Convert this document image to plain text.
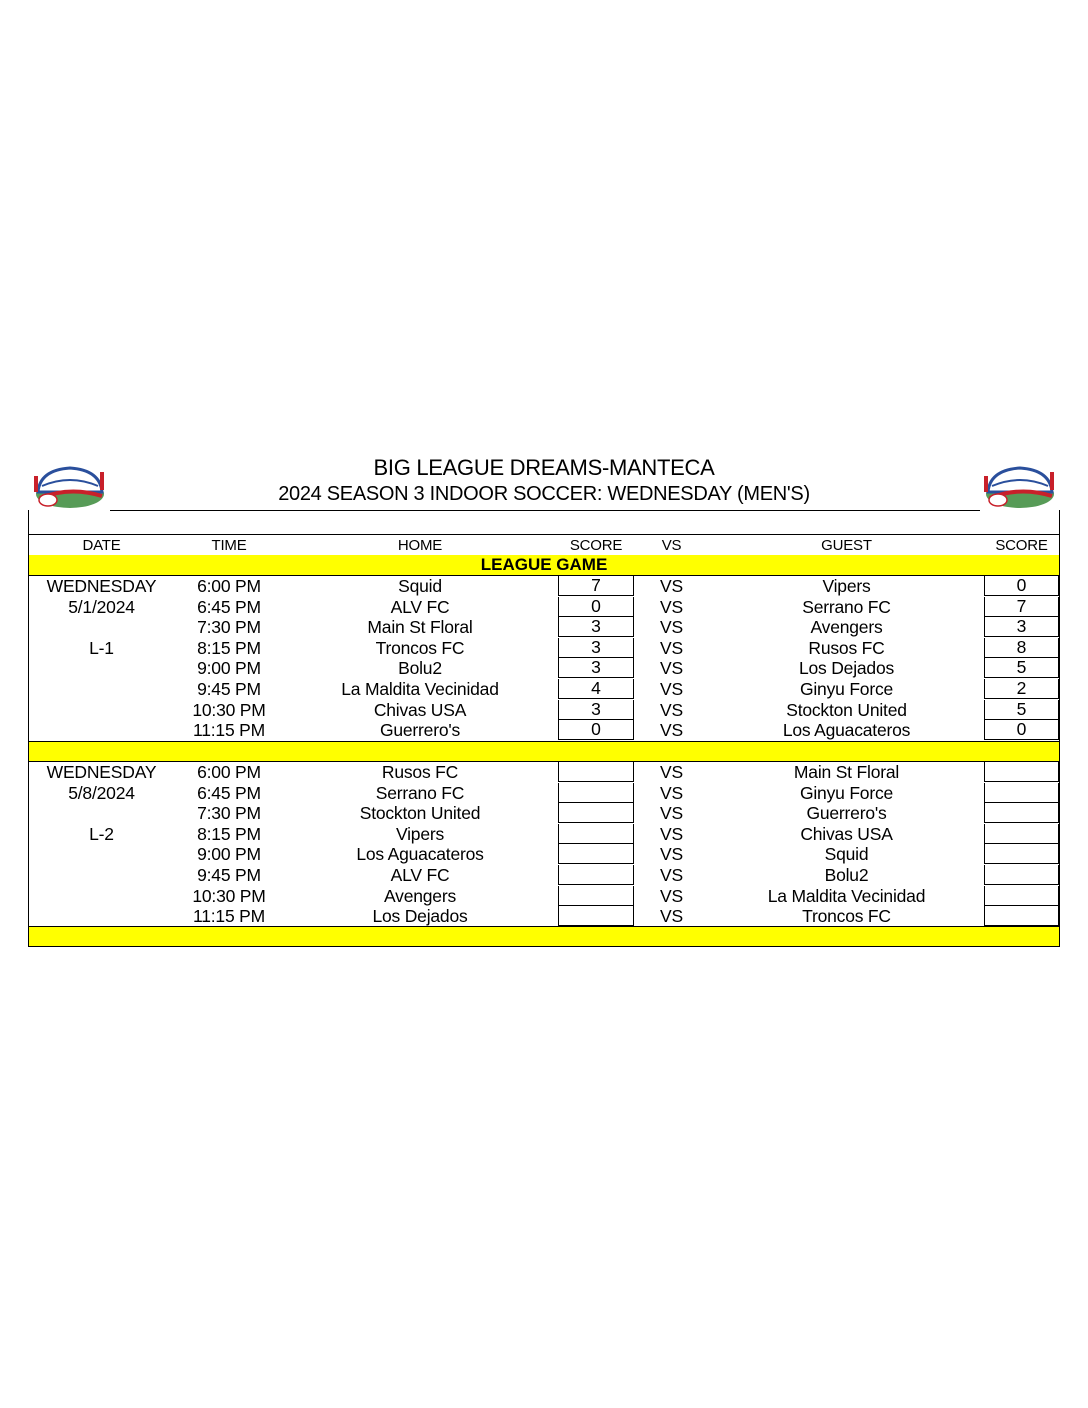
BIG LEAGUE DREAMS-MANTECA
2024 SEASON 3 INDOOR SOCCER: WEDNESDAY (MEN'S)
DATE	TIME	HOME	SCORE	VS	GUEST	SCORE
LEAGUE GAME
WEDNESDAY	6:00 PM	Squid	7	VS	Vipers	0
5/1/2024	6:45 PM	ALV FC	0	VS	Serrano FC	7
7:30 PM	Main St Floral	3	VS	Avengers	3
L-1	8:15 PM	Troncos FC	3	VS	Rusos FC	8
9:00 PM	Bolu2	3	VS	Los Dejados	5
9:45 PM	La Maldita Vecinidad	4	VS	Ginyu Force	2
10:30 PM	Chivas USA	3	VS	Stockton United	5
11:15 PM	Guerrero's	0	VS	Los Aguacateros	0
WEDNESDAY	6:00 PM	Rusos FC	VS	Main St Floral
5/8/2024	6:45 PM	Serrano FC	VS	Ginyu Force
7:30 PM	Stockton United	VS	Guerrero's
L-2	8:15 PM	Vipers	VS	Chivas USA
9:00 PM	Los Aguacateros	VS	Squid
9:45 PM	ALV FC	VS	Bolu2
10:30 PM	Avengers	VS	La Maldita Vecinidad
11:15 PM	Los Dejados	VS	Troncos FC
